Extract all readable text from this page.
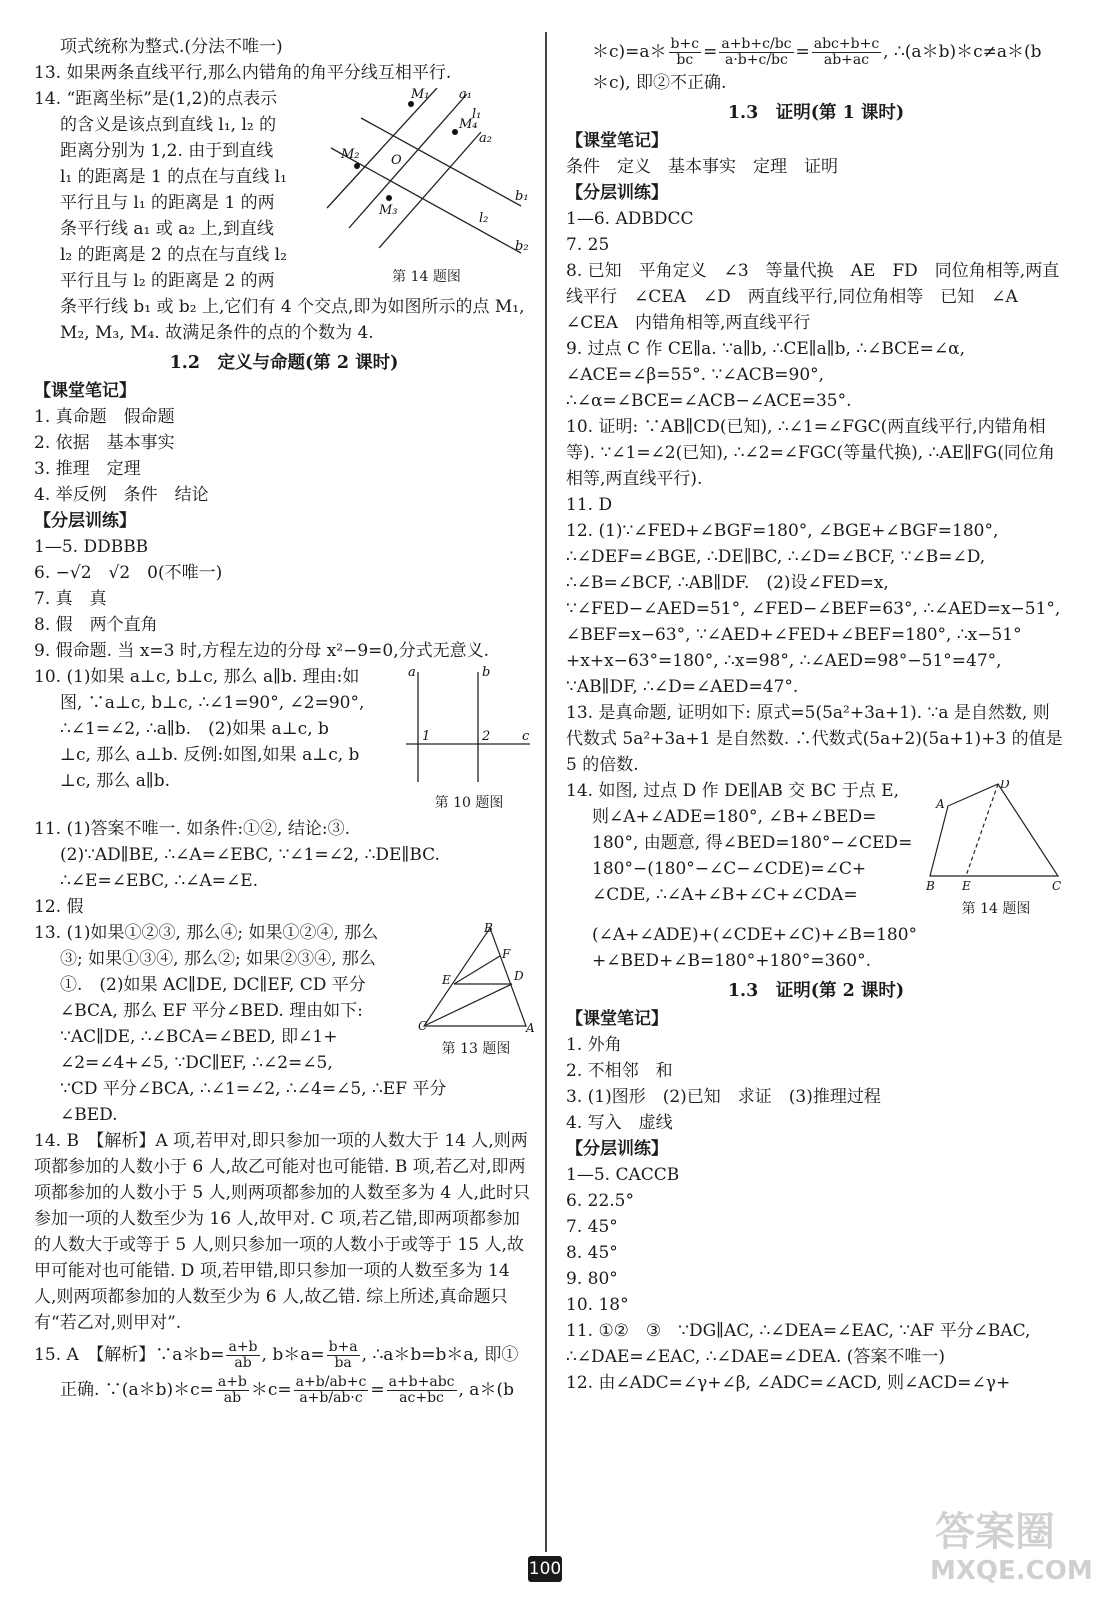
项式统称为整式.(分法不唯一)

13. 如果两条直线平行,那么内错角的角平分线互相平行.

a₁
l₁
a₂
b₁
l₂
b₂
M₁
M₄
M₂
M₃
O
第 14 题图

14. “距离坐标”是(1,2)的点表示

的含义是该点到直线 l₁, l₂ 的

距离分别为 1,2. 由于到直线

l₁ 的距离是 1 的点在与直线 l₁

平行且与 l₁ 的距离是 1 的两

条平行线 a₁ 或 a₂ 上,到直线

l₂ 的距离是 2 的点在与直线 l₂

平行且与 l₂ 的距离是 2 的两

条平行线 b₁ 或 b₂ 上,它们有 4 个交点,即为如图所示的点 M₁, M₂, M₃, M₄. 故满足条件的点的个数为 4.

1.2　定义与命题(第 2 课时)

【课堂笔记】

1. 真命题　假命题

2. 依据　基本事实

3. 推理　定理

4. 举反例　条件　结论

【分层训练】

1—5. DDBBB

6. −√2　√2　0(不唯一)

7. 真　真

8. 假　两个直角

9. 假命题. 当 x=3 时,方程左边的分母 x²−9=0,分式无意义.

a	b
c
1	2
第 10 题图

10. (1)如果 a⊥c, b⊥c, 那么 a∥b. 理由:如

图, ∵a⊥c, b⊥c, ∴∠1=90°, ∠2=90°,

∴∠1=∠2, ∴a∥b.　(2)如果 a⊥c, b

⊥c, 那么 a⊥b. 反例:如图,如果 a⊥c, b

⊥c, 那么 a∥b.

11. (1)答案不唯一. 如条件:①②, 结论:③.

(2)∵AD∥BE, ∴∠A=∠EBC, ∵∠1=∠2, ∴DE∥BC.

∴∠E=∠EBC, ∴∠A=∠E.

12. 假

B
F
D
E
C	A
第 13 题图

13. (1)如果①②③, 那么④; 如果①②④, 那么

③; 如果①③④, 那么②; 如果②③④, 那么

①.　(2)如果 AC∥DE, DC∥EF, CD 平分

∠BCA, 那么 EF 平分∠BED. 理由如下:

∵AC∥DE, ∴∠BCA=∠BED, 即∠1+

∠2=∠4+∠5, ∵DC∥EF, ∴∠2=∠5,

∵CD 平分∠BCA, ∴∠1=∠2, ∴∠4=∠5, ∴EF 平分

∠BED.

14. B　【解析】A 项,若甲对,即只参加一项的人数大于 14 人,则两项都参加的人数小于 6 人,故乙可能对也可能错. B 项,若乙对,即两项都参加的人数小于 5 人,则两项都参加的人数至多为 4 人,此时只参加一项的人数至少为 16 人,故甲对. C 项,若乙错,即两项都参加的人数大于或等于 5 人,则只参加一项的人数小于或等于 15 人,故甲可能对也可能错. D 项,若甲错,即只参加一项的人数至多为 14 人,则两项都参加的人数至少为 6 人,故乙错. 综上所述,真命题只有“若乙对,则甲对”.

15. A　【解析】∵a＊b= $\frac{a+b}{ab}$ , b＊a= $\frac{b+a}{ba}$ , ∴a＊b=b＊a, 即①

正确. ∵(a＊b)＊c= $\frac{a+b}{ab}$ ＊c= $\frac{a+b/ab+c}{a+b/ab\cdot c} = \frac{\text{a+b+abc}}{ac+bc}$ , a＊(b

＊c)=a＊ $\frac{b+c}{bc} = \frac{a+b+c/bc}{a\cdot b+c/bc} = \frac{\text{abc+b+c}}{ab+ac}$ , ∴(a＊b)＊c≠a＊(b

＊c), 即②不正确.

1.3　证明(第 1 课时)

【课堂笔记】

条件　定义　基本事实　定理　证明

【分层训练】

1—6. ADBDCC

7. 25

8. 已知　平角定义　∠3　等量代换　AE　FD　同位角相等,两直线平行　∠CEA　∠D　两直线平行,同位角相等　已知　∠A　∠CEA　内错角相等,两直线平行

9. 过点 C 作 CE∥a. ∵a∥b, ∴CE∥a∥b, ∴∠BCE=∠α, ∠ACE=∠β=55°. ∵∠ACB=90°, ∴∠α=∠BCE=∠ACB−∠ACE=35°.

10. 证明: ∵AB∥CD(已知), ∴∠1=∠FGC(两直线平行,内错角相等). ∵∠1=∠2(已知), ∴∠2=∠FGC(等量代换), ∴AE∥FG(同位角相等,两直线平行).

11. D

12. (1)∵∠FED+∠BGF=180°, ∠BGE+∠BGF=180°, ∴∠DEF=∠BGE, ∴DE∥BC, ∴∠D=∠BCF, ∵∠B=∠D, ∴∠B=∠BCF, ∴AB∥DF.　(2)设∠FED=x, ∵∠FED−∠AED=51°, ∠FED−∠BEF=63°, ∴∠AED=x−51°, ∠BEF=x−63°, ∵∠AED+∠FED+∠BEF=180°, ∴x−51°+x+x−63°=180°, ∴x=98°, ∴∠AED=98°−51°=47°, ∵AB∥DF, ∴∠D=∠AED=47°.

13. 是真命题, 证明如下: 原式=5(5a²+3a+1). ∵a 是自然数, 则代数式 5a²+3a+1 是自然数. ∴代数式(5a+2)(5a+1)+3 的值是 5 的倍数.

A
D
B E	C
第 14 题图

14. 如图, 过点 D 作 DE∥AB 交 BC 于点 E,

则∠A+∠ADE=180°, ∠B+∠BED=

180°, 由题意, 得∠BED=180°−∠CED=

180°−(180°−∠C−∠CDE)=∠C+

∠CDE, ∴∠A+∠B+∠C+∠CDA=

(∠A+∠ADE)+(∠CDE+∠C)+∠B=180°+∠BED+∠B=180°+180°=360°.

1.3　证明(第 2 课时)

【课堂笔记】

1. 外角

2. 不相邻　和

3. (1)图形　(2)已知　求证　(3)推理过程

4. 写入　虚线

【分层训练】

1—5. CACCB

6. 22.5°

7. 45°

8. 45°

9. 80°

10. 18°

11. ①②　③　∵DG∥AC, ∴∠DEA=∠EAC, ∵AF 平分∠BAC, ∴∠DAE=∠EAC, ∴∠DAE=∠DEA. (答案不唯一)

12. 由∠ADC=∠γ+∠β, ∠ADC=∠ACD, 则∠ACD=∠γ+

100
答案圈
MXQE.COM
